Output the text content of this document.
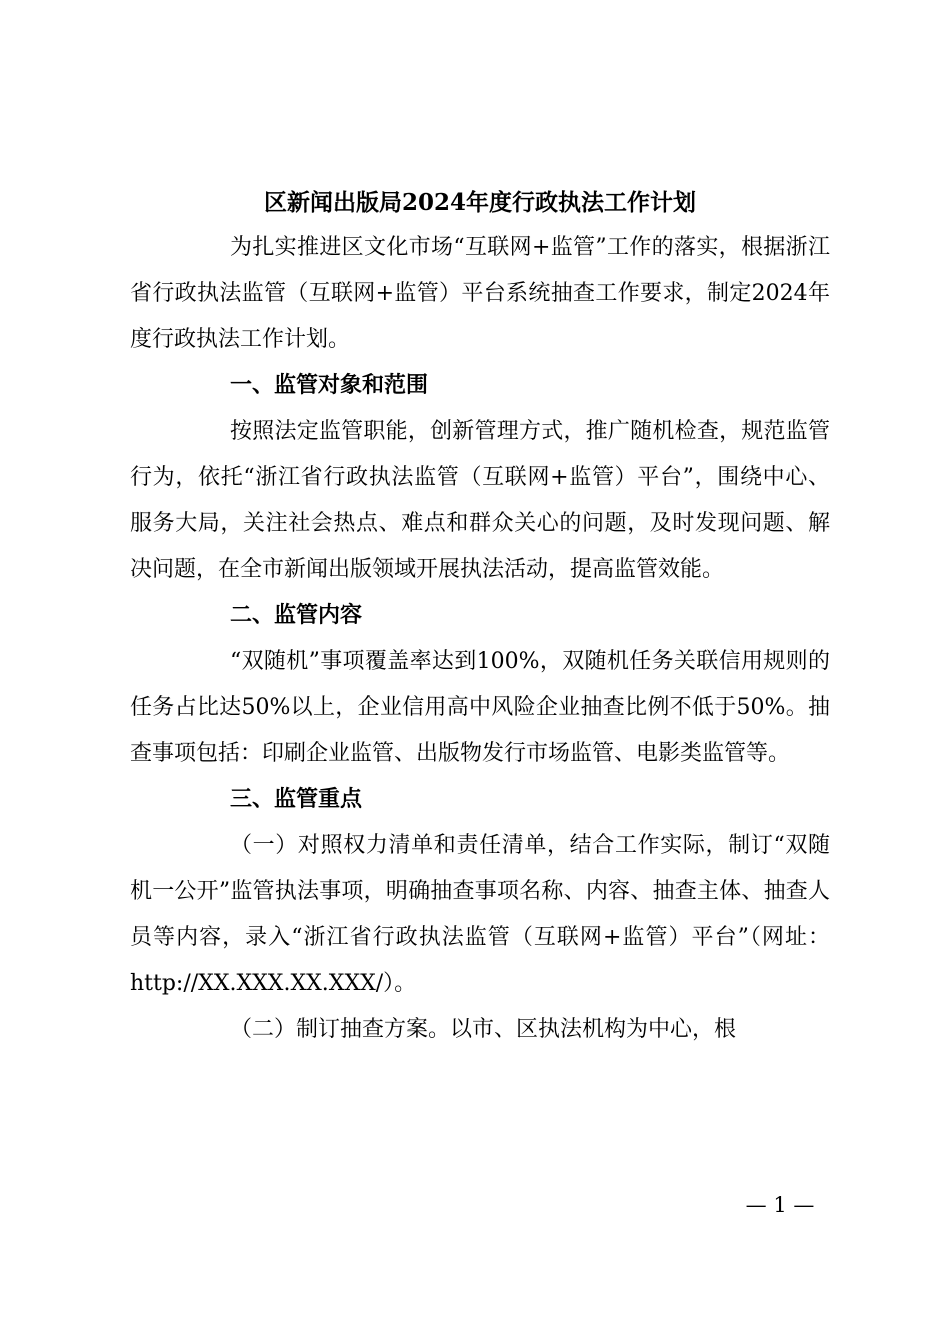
区新闻出版局2024年度行政执法工作计划

为扎实推进区文化市场“互联网+监管”工作的落实，根据浙江省行政执法监管（互联网+监管）平台系统抽查工作要求，制定2024年度行政执法工作计划。

一、监管对象和范围

按照法定监管职能，创新管理方式，推广随机检查，规范监管行为，依托“浙江省行政执法监管（互联网+监管）平台”，围绕中心、服务大局，关注社会热点、难点和群众关心的问题，及时发现问题、解决问题，在全市新闻出版领域开展执法活动，提高监管效能。

二、监管内容

“双随机”事项覆盖率达到100%，双随机任务关联信用规则的任务占比达50%以上，企业信用高中风险企业抽查比例不低于50%。抽查事项包括：印刷企业监管、出版物发行市场监管、电影类监管等。

三、监管重点

（一）对照权力清单和责任清单，结合工作实际，制订“双随机一公开”监管执法事项，明确抽查事项名称、内容、抽查主体、抽查人员等内容，录入“浙江省行政执法监管（互联网+监管）平台”（网址：http://XX.XXX.XX.XXX/）。

（二）制订抽查方案。以市、区执法机构为中心，根

— 1 —
